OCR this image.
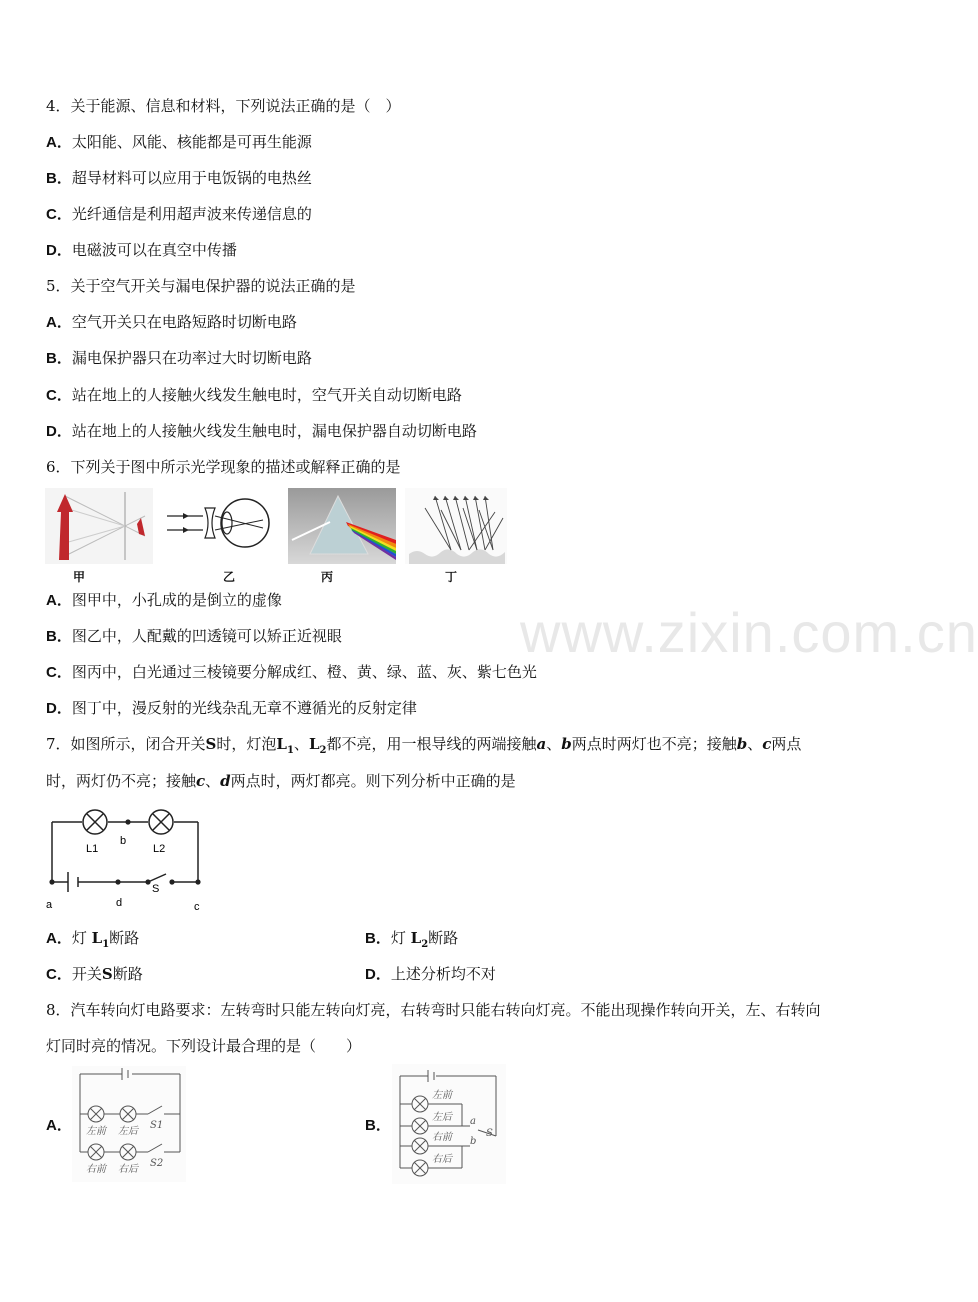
www.zixin.com.cn
4．关于能源、信息和材料，下列说法正确的是（　）
A．太阳能、风能、核能都是可再生能源
B．超导材料可以应用于电饭锅的电热丝
C．光纤通信是利用超声波来传递信息的
D．电磁波可以在真空中传播
5．关于空气开关与漏电保护器的说法正确的是
A．空气开关只在电路短路时切断电路
B．漏电保护器只在功率过大时切断电路
C．站在地上的人接触火线发生触电时，空气开关自动切断电路
D．站在地上的人接触火线发生触电时，漏电保护器自动切断电路
6．下列关于图中所示光学现象的描述或解释正确的是
甲	乙	丙	丁
A．图甲中，小孔成的是倒立的虚像
B．图乙中，人配戴的凹透镜可以矫正近视眼
C．图丙中，白光通过三棱镜要分解成红、橙、黄、绿、蓝、灰、紫七色光
D．图丁中，漫反射的光线杂乱无章不遵循光的反射定律
7．如图所示，闭合开关S时，灯泡$L_1$、$L_2$都不亮，用一根导线的两端接触a、b两点时两灯也不亮；接触b、c两点
时，两灯仍不亮；接触c、d两点时，两灯都亮。则下列分析中正确的是
L1	L2
b
S
a	d	c
A．灯 $L_1$断路	B．灯 $L_2$断路
C．开关S断路	D．上述分析均不对
8．汽车转向灯电路要求：左转弯时只能左转向灯亮，右转弯时只能右转向灯亮。不能出现操作转向开关，左、右转向
灯同时亮的情况。下列设计最合理的是（　　）
A． 左前 左后
S1
右前 右后
S2
B．
左前
左后
右前
右后
a
b
S
